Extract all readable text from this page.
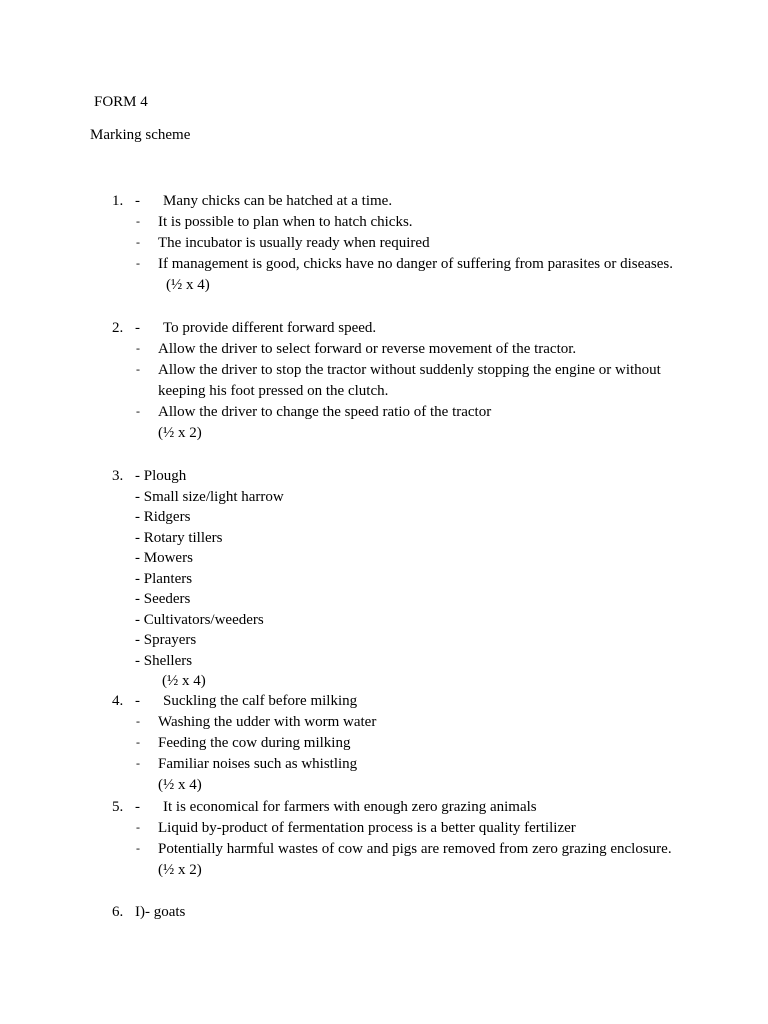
FORM 4
Marking scheme
1. - Many chicks can be hatched at a time.
- It is possible to plan when to hatch chicks.
- The incubator is usually ready when required
- If management is good, chicks have no danger of suffering from parasites or diseases.
(½ x 4)
2. - To provide different forward speed.
- Allow the driver to select forward or reverse movement of the tractor.
- Allow the driver to stop the tractor without suddenly stopping the engine or without keeping his foot pressed on the clutch.
- Allow the driver to change the speed ratio of the tractor
(½ x 2)
3. - Plough
- Small size/light harrow
- Ridgers
- Rotary tillers
- Mowers
- Planters
- Seeders
- Cultivators/weeders
- Sprayers
- Shellers
(½ x 4)
4. - Suckling the calf before milking
- Washing the udder with worm water
- Feeding the cow during milking
- Familiar noises such as whistling
(½ x 4)
5. - It is economical for farmers with enough zero grazing animals
- Liquid by-product of fermentation process is a better quality fertilizer
- Potentially harmful wastes of cow and pigs are removed from zero grazing enclosure.
(½ x 2)
6. I)- goats
